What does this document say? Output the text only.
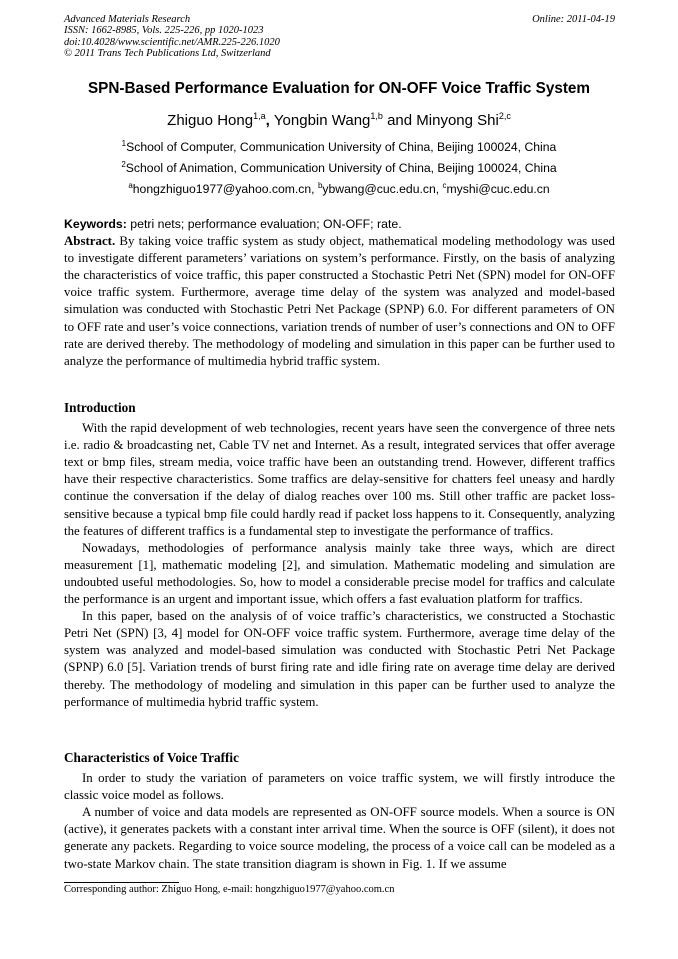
Advanced Materials Research
ISSN: 1662-8985, Vols. 225-226, pp 1020-1023
doi:10.4028/www.scientific.net/AMR.225-226.1020
© 2011 Trans Tech Publications Ltd, Switzerland
Online: 2011-04-19
SPN-Based Performance Evaluation for ON-OFF Voice Traffic System
Zhiguo Hong$^{1,a}$, Yongbin Wang$^{1,b}$ and Minyong Shi$^{2,c}$
$^1$School of Computer, Communication University of China, Beijing 100024, China
$^2$School of Animation, Communication University of China, Beijing 100024, China
$^a$hongzhiguo1977@yahoo.com.cn, $^b$ybwang@cuc.edu.cn, $^c$myshi@cuc.edu.cn

Keywords: petri nets; performance evaluation; ON-OFF; rate.

Abstract. By taking voice traffic system as study object, mathematical modeling methodology was used to investigate different parameters’ variations on system’s performance. Firstly, on the basis of analyzing the characteristics of voice traffic, this paper constructed a Stochastic Petri Net (SPN) model for ON-OFF voice traffic system. Furthermore, average time delay of the system was analyzed and model-based simulation was conducted with Stochastic Petri Net Package (SPNP) 6.0. For different parameters of ON to OFF rate and user’s voice connections, variation trends of number of user’s connections and ON to OFF rate are derived thereby. The methodology of modeling and simulation in this paper can be further used to analyze the performance of multimedia hybrid traffic system.

Introduction

With the rapid development of web technologies, recent years have seen the convergence of three nets i.e. radio & broadcasting net, Cable TV net and Internet. As a result, integrated services that offer average text or bmp files, stream media, voice traffic have been an outstanding trend. However, different traffics have their respective characteristics. Some traffics are delay-sensitive for chatters feel uneasy and hardly continue the conversation if the delay of dialog reaches over 100 ms. Still other traffic are packet loss-sensitive because a typical bmp file could hardly read if packet loss happens to it. Consequently, analyzing the features of different traffics is a fundamental step to investigate the performance of traffics.

Nowadays, methodologies of performance analysis mainly take three ways, which are direct measurement [1], mathematic modeling [2], and simulation. Mathematic modeling and simulation are undoubted useful methodologies. So, how to model a considerable precise model for traffics and calculate the performance is an urgent and important issue, which offers a fast evaluation platform for traffics.

In this paper, based on the analysis of of voice traffic’s characteristics, we constructed a Stochastic Petri Net (SPN) [3, 4] model for ON-OFF voice traffic system. Furthermore, average time delay of the system was analyzed and model-based simulation was conducted with Stochastic Petri Net Package (SPNP) 6.0 [5]. Variation trends of burst firing rate and idle firing rate on average time delay are derived thereby. The methodology of modeling and simulation in this paper can be further used to analyze the performance of multimedia hybrid traffic system.

Characteristics of Voice Traffic

In order to study the variation of parameters on voice traffic system, we will firstly introduce the classic voice model as follows.

A number of voice and data models are represented as ON-OFF source models. When a source is ON (active), it generates packets with a constant inter arrival time. When the source is OFF (silent), it does not generate any packets. Regarding to voice source modeling, the process of a voice call can be modeled as a two-state Markov chain. The state transition diagram is shown in Fig. 1. If we assume

Corresponding author: Zhiguo Hong, e-mail: hongzhiguo1977@yahoo.com.cn
